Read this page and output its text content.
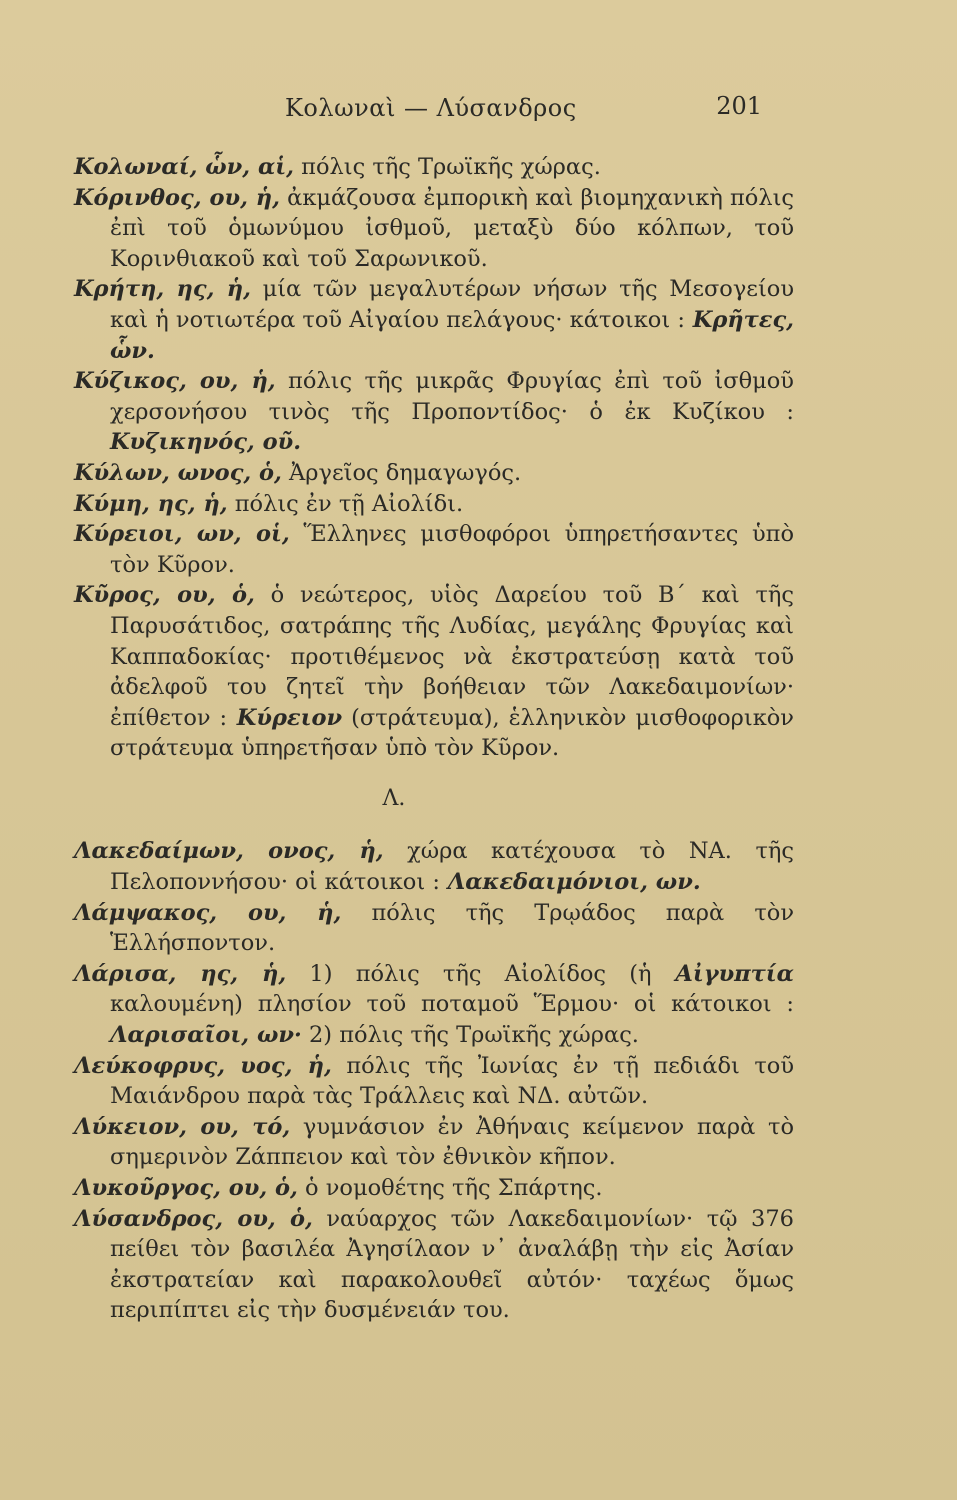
Κολωναὶ — Λύσανδρος	201
Κολωναί, ὧν, αἱ, πόλις τῆς Τρωϊκῆς χώρας.
Κόρινθος, ου, ἡ, ἀκμάζουσα ἐμπορικὴ καὶ βιομηχανικὴ πόλις ἐπὶ τοῦ ὁμωνύμου ἰσθμοῦ, μεταξὺ δύο κόλπων, τοῦ Κορινθιακοῦ καὶ τοῦ Σαρωνικοῦ.
Κρήτη, ης, ἡ, μία τῶν μεγαλυτέρων νήσων τῆς Μεσογείου καὶ ἡ νοτιωτέρα τοῦ Αἰγαίου πελάγους· κάτοικοι : Κρῆτες, ὧν.
Κύζικος, ου, ἡ, πόλις τῆς μικρᾶς Φρυγίας ἐπὶ τοῦ ἰσθμοῦ χερσονήσου τινὸς τῆς Προποντίδος· ὁ ἐκ Κυζίκου : Κυζικηνός, οῦ.
Κύλων, ωνος, ὁ, Ἀργεῖος δημαγωγός.
Κύμη, ης, ἡ, πόλις ἐν τῇ Αἰολίδι.
Κύρειοι, ων, οἱ, Ἕλληνες μισθοφόροι ὑπηρετήσαντες ὑπὸ τὸν Κῦρον.
Κῦρος, ου, ὁ, ὁ νεώτερος, υἱὸς Δαρείου τοῦ Β΄ καὶ τῆς Παρυσάτιδος, σατράπης τῆς Λυδίας, μεγάλης Φρυγίας καὶ Καππαδοκίας· προτιθέμενος νὰ ἐκστρατεύσῃ κατὰ τοῦ ἀδελφοῦ του ζητεῖ τὴν βοήθειαν τῶν Λακεδαιμονίων· ἐπίθετον : Κύρειον (στράτευμα), ἑλληνικὸν μισθοφορικὸν στράτευμα ὑπηρετῆσαν ὑπὸ τὸν Κῦρον.
Λ.
Λακεδαίμων, ονος, ἡ, χώρα κατέχουσα τὸ ΝΑ. τῆς Πελοποννήσου· οἱ κάτοικοι : Λακεδαιμόνιοι, ων.
Λάμψακος, ου, ἡ, πόλις τῆς Τρῳάδος παρὰ τὸν Ἑλλήσποντον.
Λάρισα, ης, ἡ, 1) πόλις τῆς Αἰολίδος (ἡ Αἰγυπτία καλουμένη) πλησίον τοῦ ποταμοῦ Ἕρμου· οἱ κάτοικοι : Λαρισαῖοι, ων· 2) πόλις τῆς Τρωϊκῆς χώρας.
Λεύκοφρυς, υος, ἡ, πόλις τῆς Ἰωνίας ἐν τῇ πεδιάδι τοῦ Μαιάνδρου παρὰ τὰς Τράλλεις καὶ ΝΔ. αὐτῶν.
Λύκειον, ου, τό, γυμνάσιον ἐν Ἀθήναις κείμενον παρὰ τὸ σημερινὸν Ζάππειον καὶ τὸν ἐθνικὸν κῆπον.
Λυκοῦργος, ου, ὁ, ὁ νομοθέτης τῆς Σπάρτης.
Λύσανδρος, ου, ὁ, ναύαρχος τῶν Λακεδαιμονίων· τῷ 376 πείθει τὸν βασιλέα Ἀγησίλαον ν᾽ ἀναλάβῃ τὴν εἰς Ἀσίαν ἐκστρατείαν καὶ παρακολουθεῖ αὐτόν· ταχέως ὅμως περιπίπτει εἰς τὴν δυσμένειάν του.
